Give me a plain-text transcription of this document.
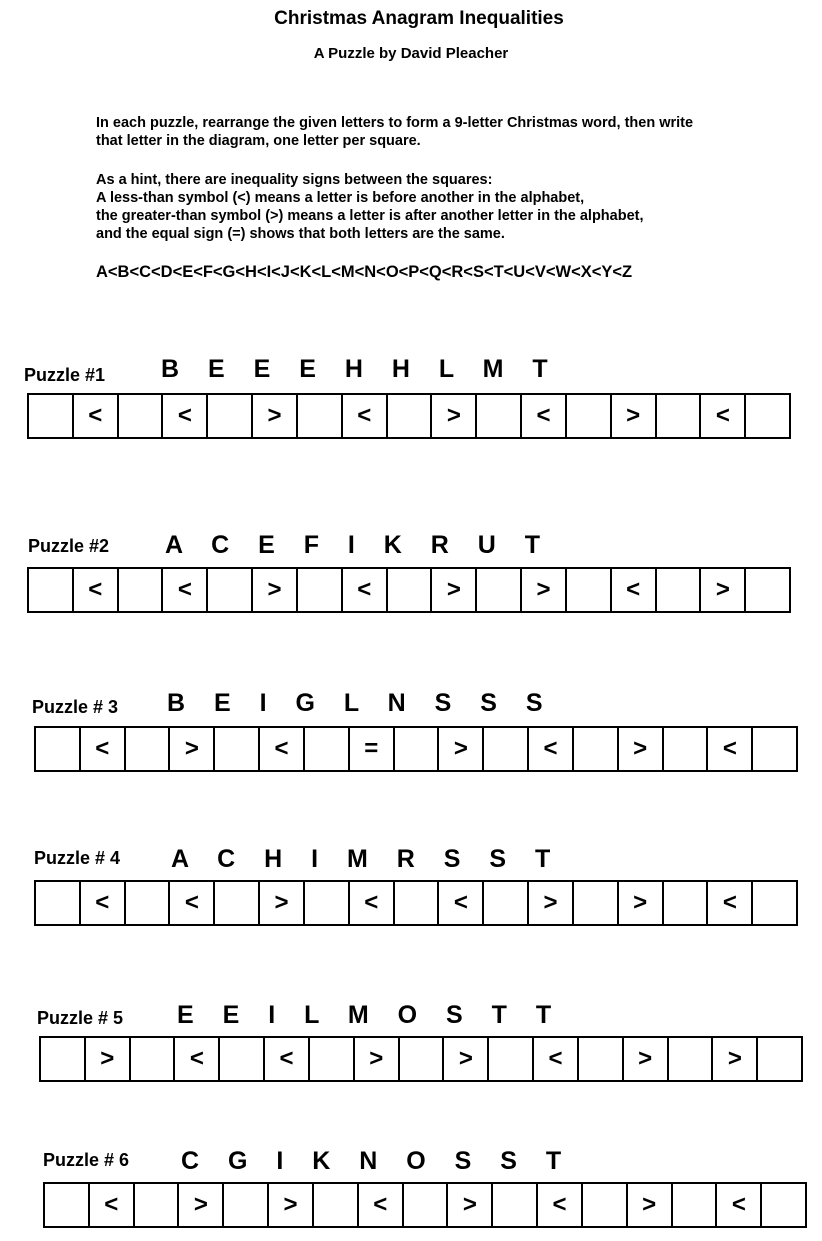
Christmas Anagram Inequalities
A Puzzle by David Pleacher
In each puzzle, rearrange the given letters to form a 9-letter Christmas word, then write
that letter in the diagram, one letter per square.
As a hint, there are inequality signs between the squares:
A less-than symbol (<) means a letter is before another in the alphabet,
the greater-than symbol (>) means a letter is after another letter in the alphabet,
and the equal sign (=) shows that both letters are the same.
A<B<C<D<E<F<G<H<I<J<K<L<M<N<O<P<Q<R<S<T<U<V<W<X<Y<Z
Puzzle #1 B E E E H H L M T
<	<	>	<	>	<	>	<
Puzzle #2 A C E F I K R U T
<	<	>	<	>	>	<	>
Puzzle # 3 B E I G L N S S S
<	>	<	=	>	<	>	<
Puzzle # 4 A C H I M R S S T
<	<	>	<	<	>	>	<
Puzzle # 5 E E I L M O S T T
>	<	<	>	>	<	>	>
Puzzle # 6 C G I K N O S S T
<	>	>	<	>	<	>	<
